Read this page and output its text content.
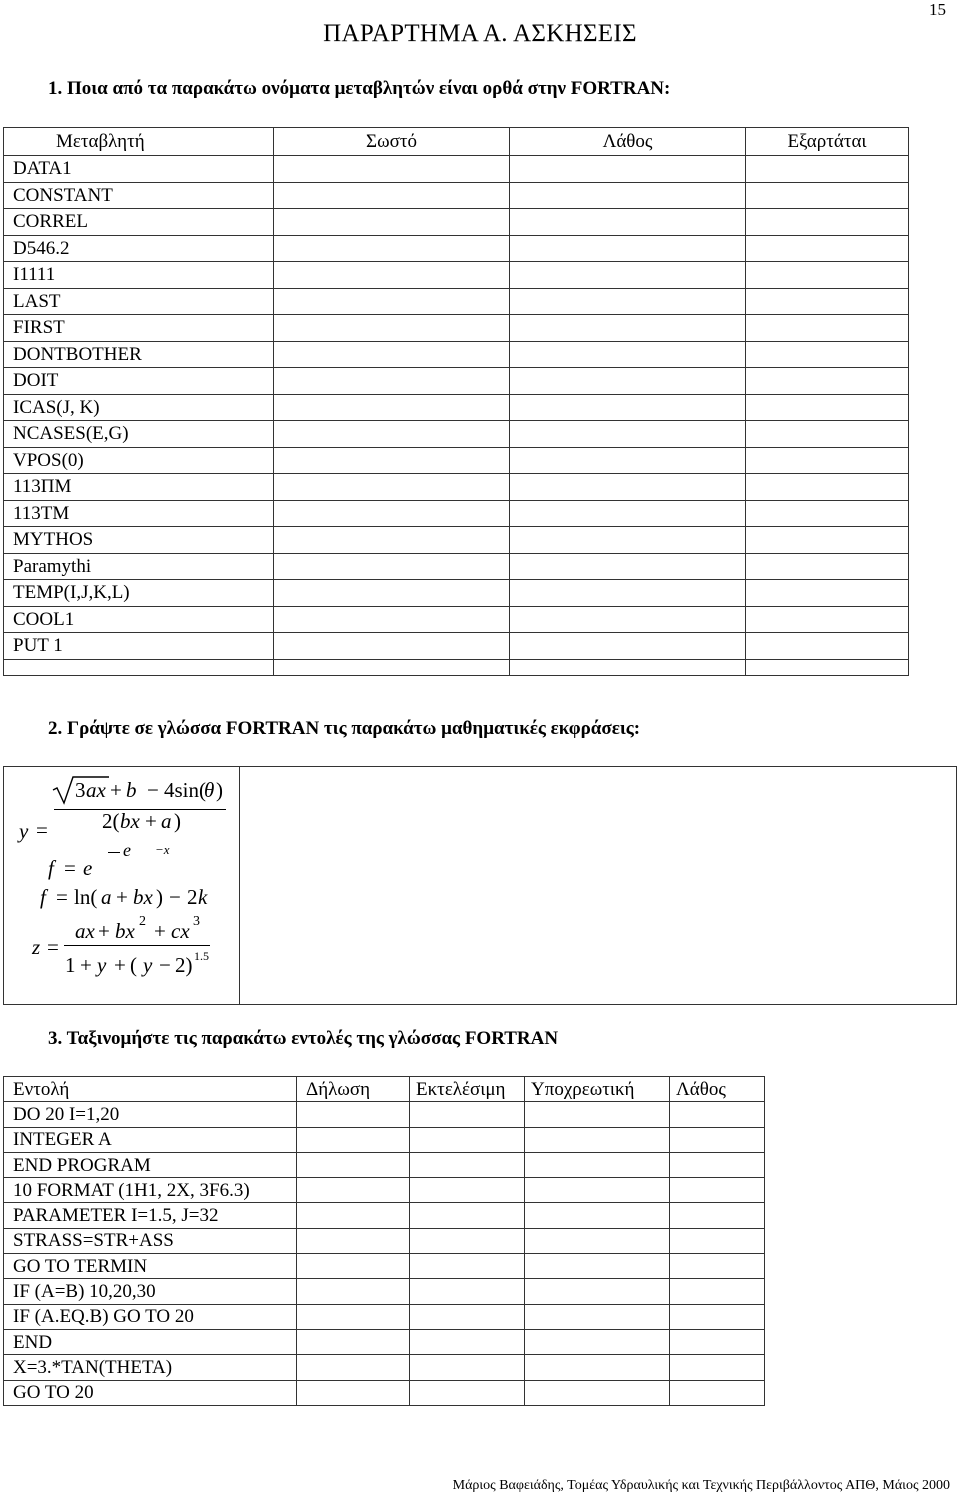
15
ΠΑΡΑΡΤΗΜΑ Α. ΑΣΚΗΣΕΙΣ
1. Ποια από τα παρακάτω ονόματα μεταβλητών είναι ορθά στην FORTRAN:
Μεταβλητή	Σωστό	Λάθος	Εξαρτάται
DATA1			
CONSTANT			
CORREL			
D546.2			
I1111			
LAST			
FIRST			
DONTBOTHER			
DOIT			
ICAS(J, K)			
NCASES(E,G)			
VPOS(0)			
113ΠΜ			
113ΤΜ			
MYTHOS			
Paramythi			
TEMP(I,J,K,L)			
COOL1			
PUT 1			

2. Γράψτε σε γλώσσα FORTRAN τις παρακάτω μαθηματικές εκφράσεις:
y =
3 ax + b − 4sin(
θ )
2( bx + a )
f = e
e −x
f = ln( a + bx ) − 2 k
z =
ax + bx 2 + cx 3
1 + y + ( y − 2) 1.5
3. Ταξινομήστε τις παρακάτω εντολές της γλώσσας FORTRAN
Εντολή	Δήλωση	Εκτελέσιμη	Υποχρεωτική	Λάθος
DO 20 I=1,20				
INTEGER A				
END PROGRAM				
10 FORMAT (1H1, 2X, 3F6.3)				
PARAMETER I=1.5, J=32				
STRASS=STR+ASS				
GO TO TERMIN				
IF (A=B) 10,20,30				
IF (A.EQ.B) GO TO 20				
END				
X=3.*TAN(THETA)				
GO TO 20				
Μάριος Βαφειάδης, Τομέας Υδραυλικής και Τεχνικής Περιβάλλοντος ΑΠΘ, Μάιος 2000
